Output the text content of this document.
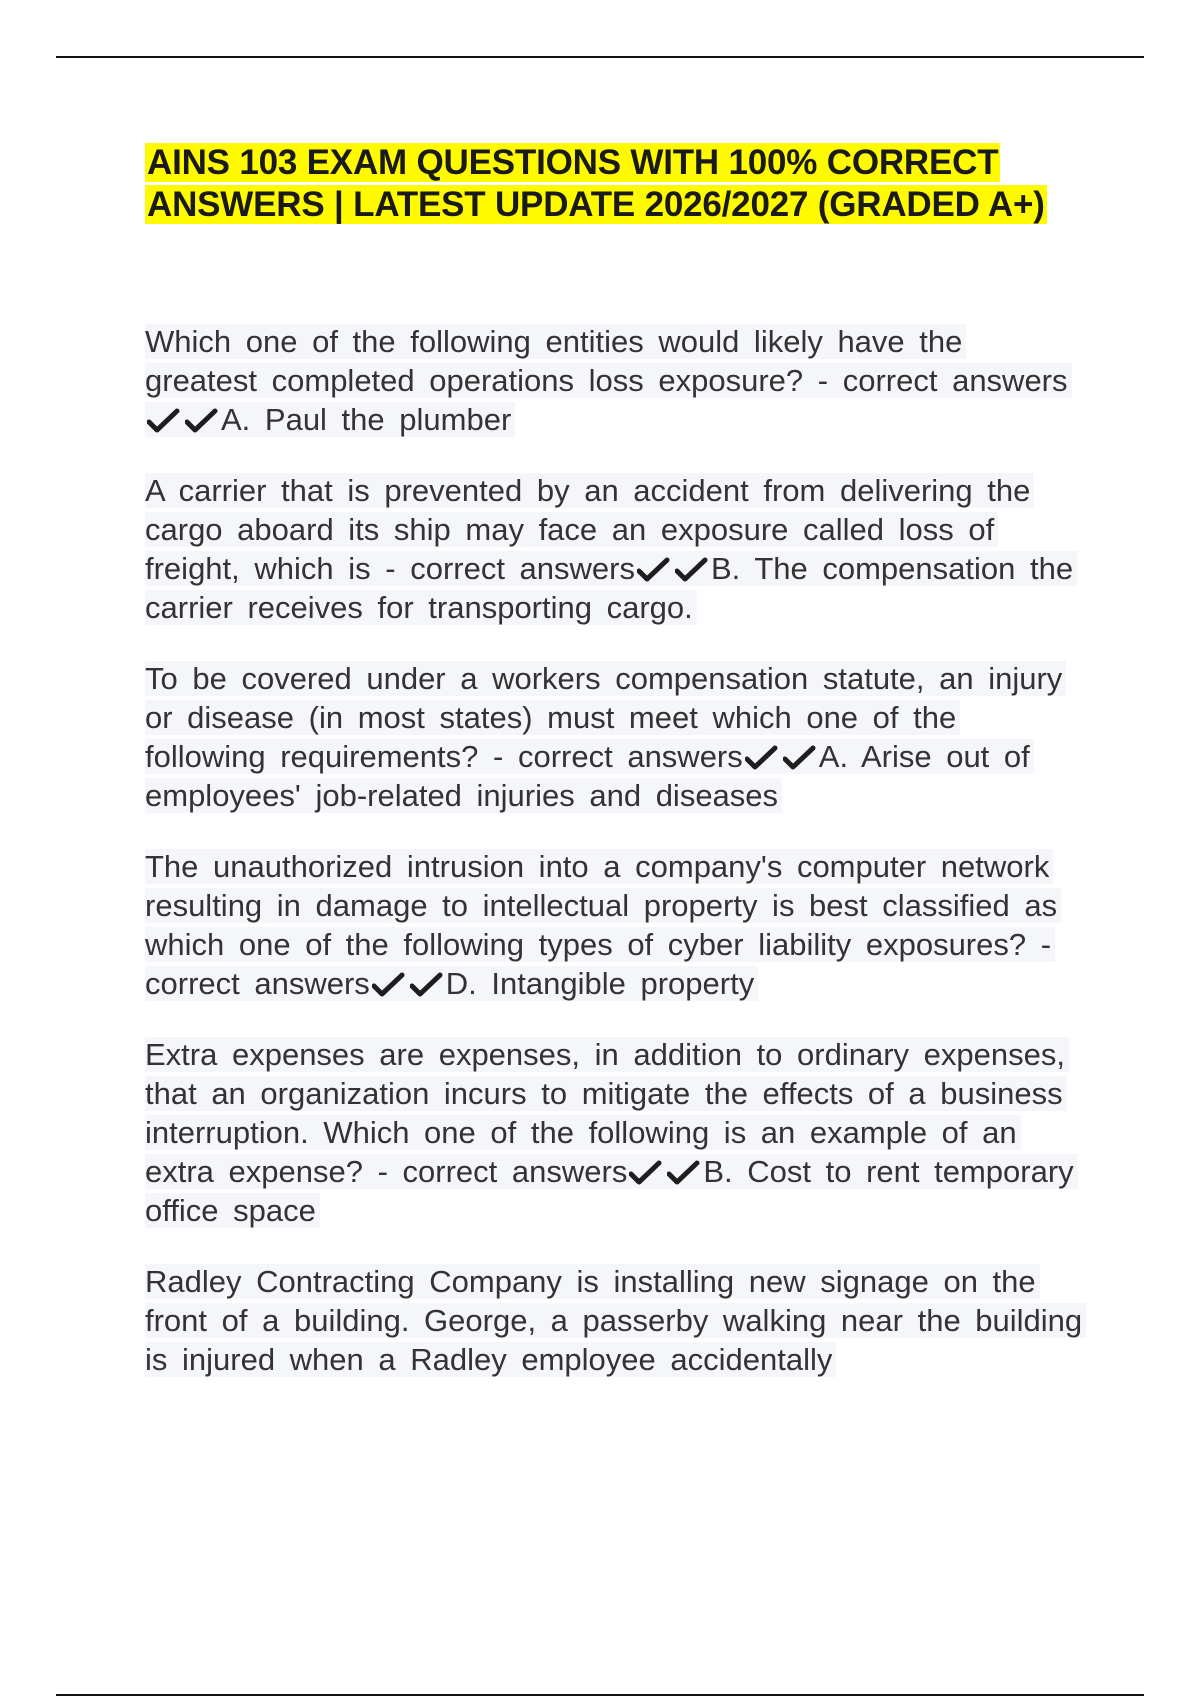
AINS 103 EXAM QUESTIONS WITH 100% CORRECT ANSWERS | LATEST UPDATE 2026/2027 (GRADED A+)

Which one of the following entities would likely have the greatest completed operations loss exposure? - correct answers
A. Paul the plumber

A carrier that is prevented by an accident from delivering the cargo aboard its ship may face an exposure called loss of freight, which is - correct answers B. The compensation the carrier receives for transporting cargo.

To be covered under a workers compensation statute, an injury or disease (in most states) must meet which one of the following requirements? - correct answers A. Arise out of employees' job-related injuries and diseases

The unauthorized intrusion into a company's computer network resulting in damage to intellectual property is best classified as which one of the following types of cyber liability exposures? - correct answers D. Intangible property

Extra expenses are expenses, in addition to ordinary expenses, that an organization incurs to mitigate the effects of a business interruption. Which one of the following is an example of an extra expense? - correct answers B. Cost to rent temporary office space

Radley Contracting Company is installing new signage on the front of a building. George, a passerby walking near the building is injured when a Radley employee accidentally
